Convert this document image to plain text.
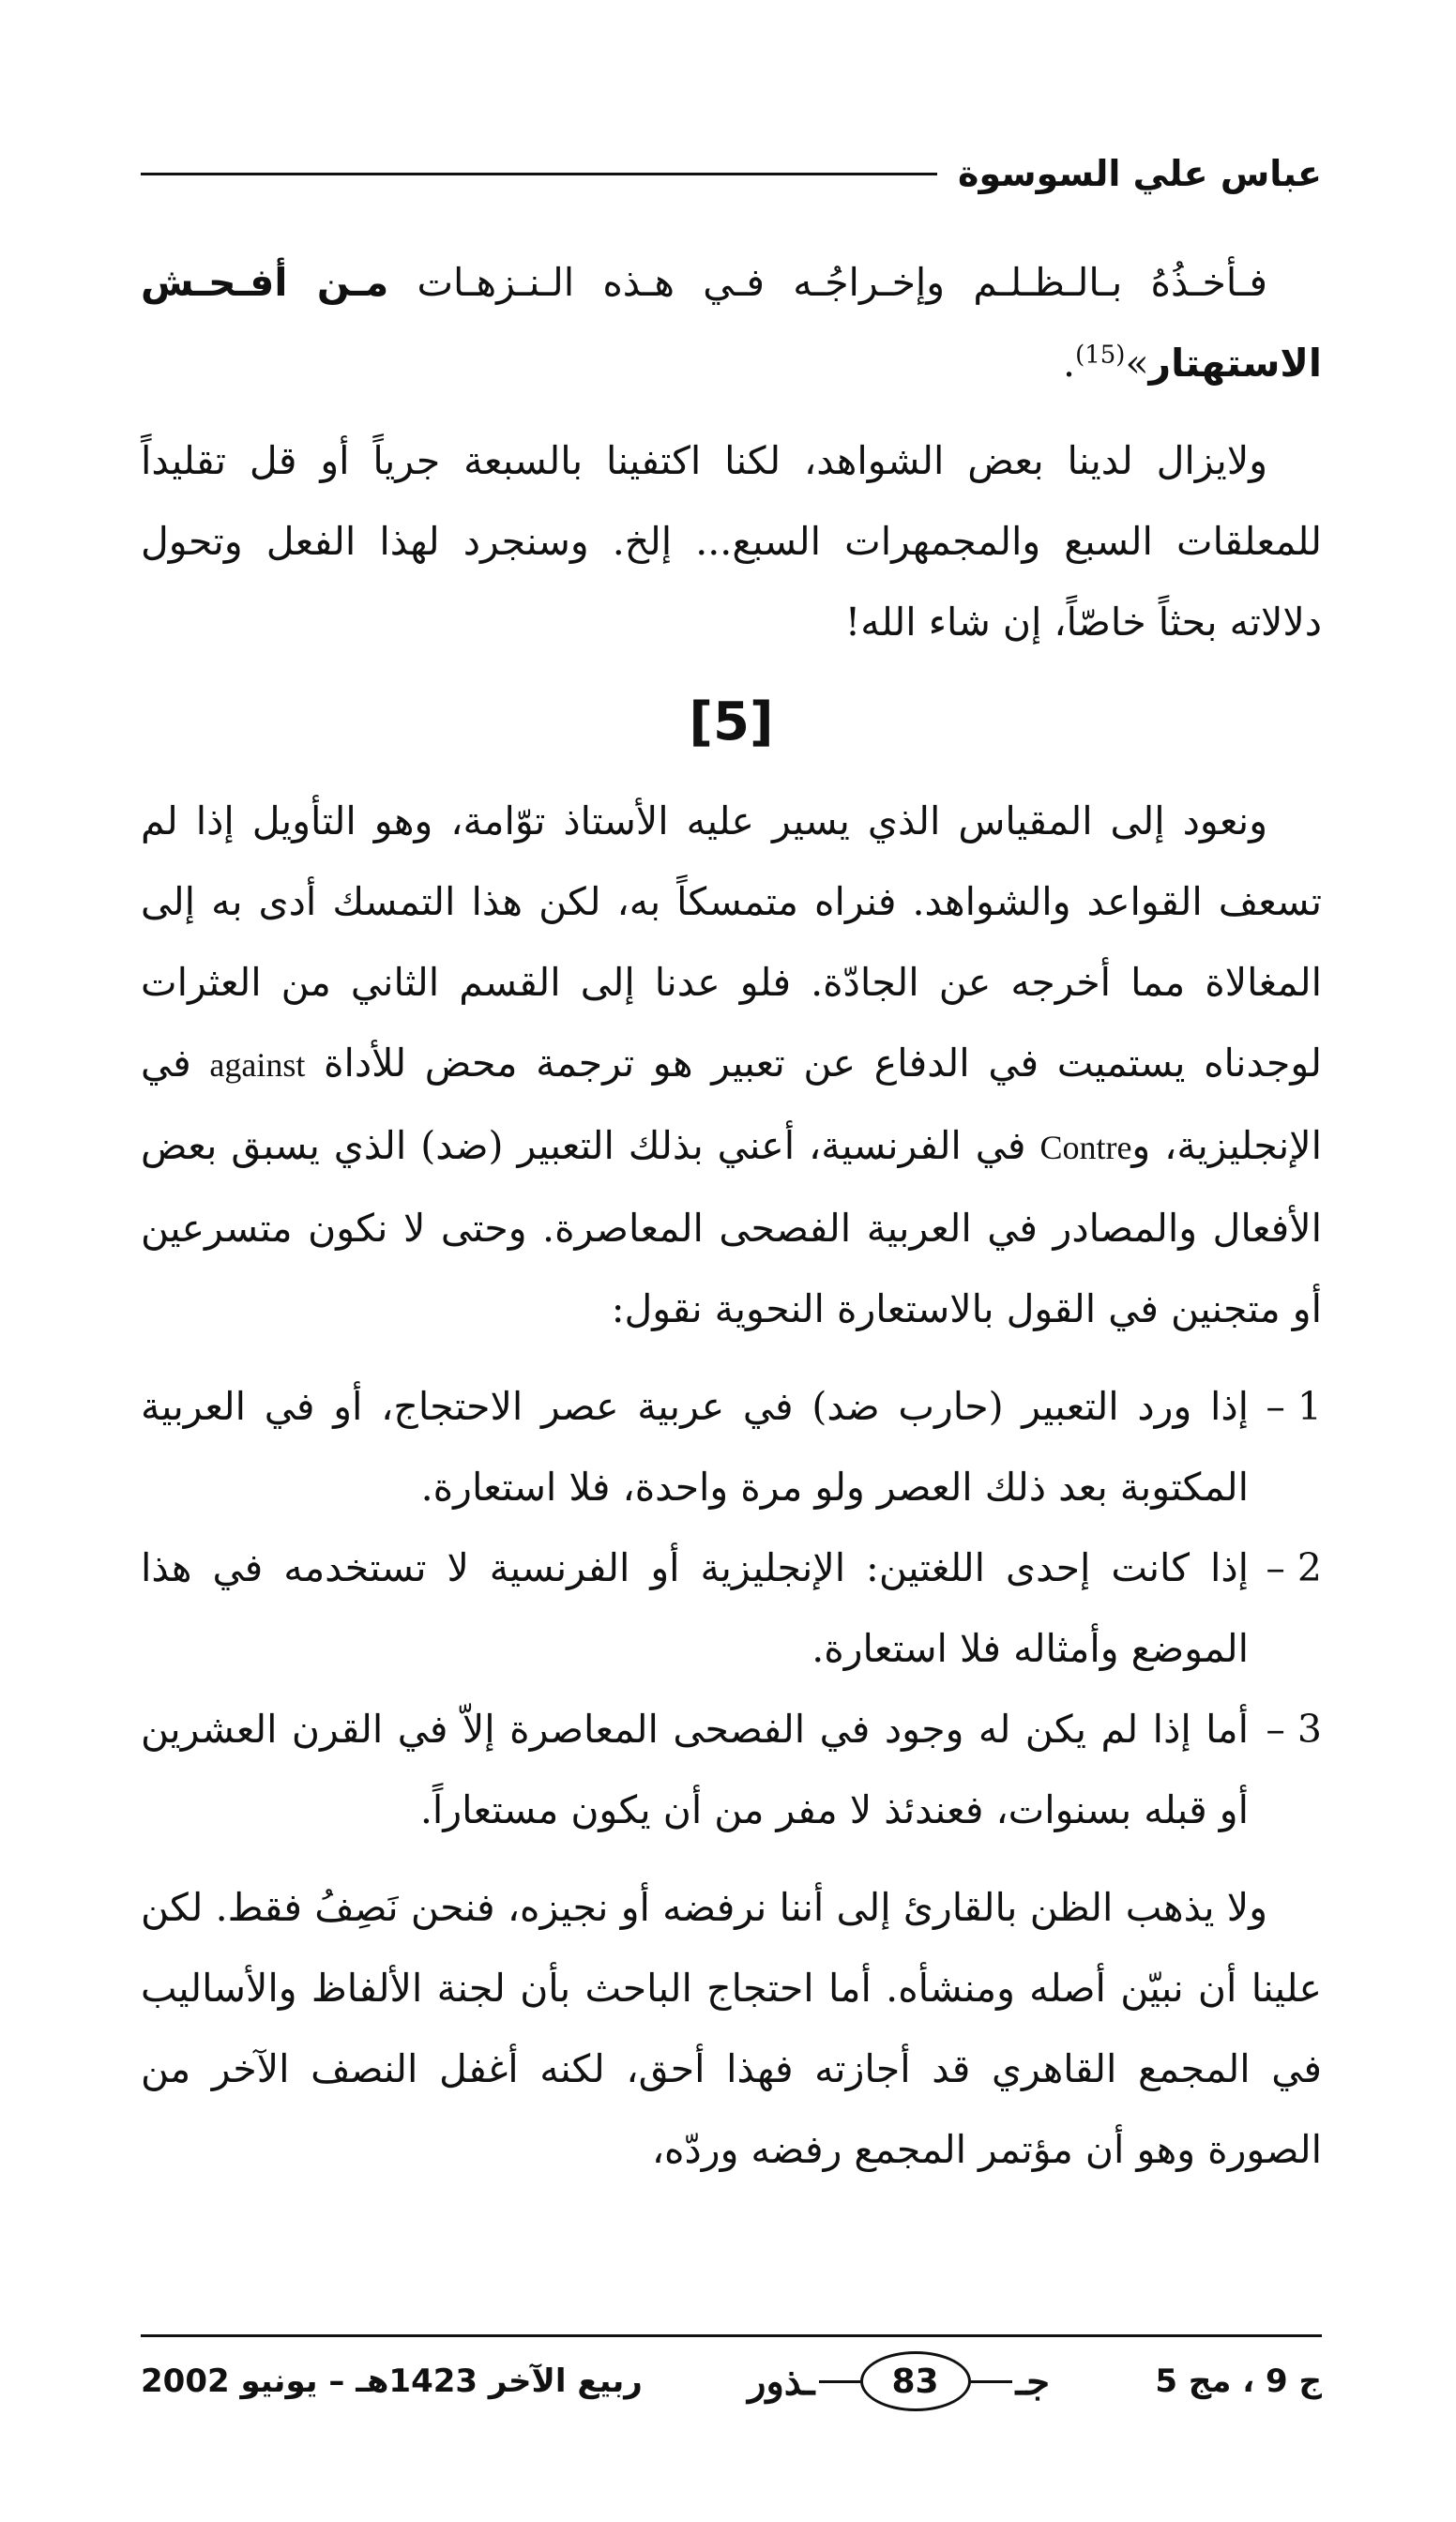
عباس علي السوسوة

فـأخـذُهُ بـالـظـلـم وإخـراجُـه فـي هـذه الـنـزهـات مـن أفـحـش الاستهتار»$^{(15)}$.

ولايزال لدينا بعض الشواهد، لكنا اكتفينا بالسبعة جرياً أو قل تقليداً للمعلقات السبع والمجمهرات السبع... إلخ. وسنجرد لهذا الفعل وتحول دلالاته بحثاً خاصّاً، إن شاء الله!

[5]

ونعود إلى المقياس الذي يسير عليه الأستاذ توّامة، وهو التأويل إذا لم تسعف القواعد والشواهد. فنراه متمسكاً به، لكن هذا التمسك أدى به إلى المغالاة مما أخرجه عن الجادّة. فلو عدنا إلى القسم الثاني من العثرات لوجدناه يستميت في الدفاع عن تعبير هو ترجمة محض للأداة against في الإنجليزية، وContre في الفرنسية، أعني بذلك التعبير (ضد) الذي يسبق بعض الأفعال والمصادر في العربية الفصحى المعاصرة. وحتى لا نكون متسرعين أو متجنين في القول بالاستعارة النحوية نقول:

1 –
إذا ورد التعبير (حارب ضد) في عربية عصر الاحتجاج، أو في العربية المكتوبة بعد ذلك العصر ولو مرة واحدة، فلا استعارة.
2 –
إذا كانت إحدى اللغتين: الإنجليزية أو الفرنسية لا تستخدمه في هذا الموضع وأمثاله فلا استعارة.
3 –
أما إذا لم يكن له وجود في الفصحى المعاصرة إلاّ في القرن العشرين أو قبله بسنوات، فعندئذ لا مفر من أن يكون مستعاراً.

ولا يذهب الظن بالقارئ إلى أننا نرفضه أو نجيزه، فنحن نَصِفُ فقط. لكن علينا أن نبيّن أصله ومنشأه. أما احتجاج الباحث بأن لجنة الألفاظ والأساليب في المجمع القاهري قد أجازته فهذا أحق، لكنه أغفل النصف الآخر من الصورة وهو أن مؤتمر المجمع رفضه وردّه،

ج 9 ، مج 5
جـ
83
ـذور
ربيع الآخر 1423هـ – يونيو 2002
